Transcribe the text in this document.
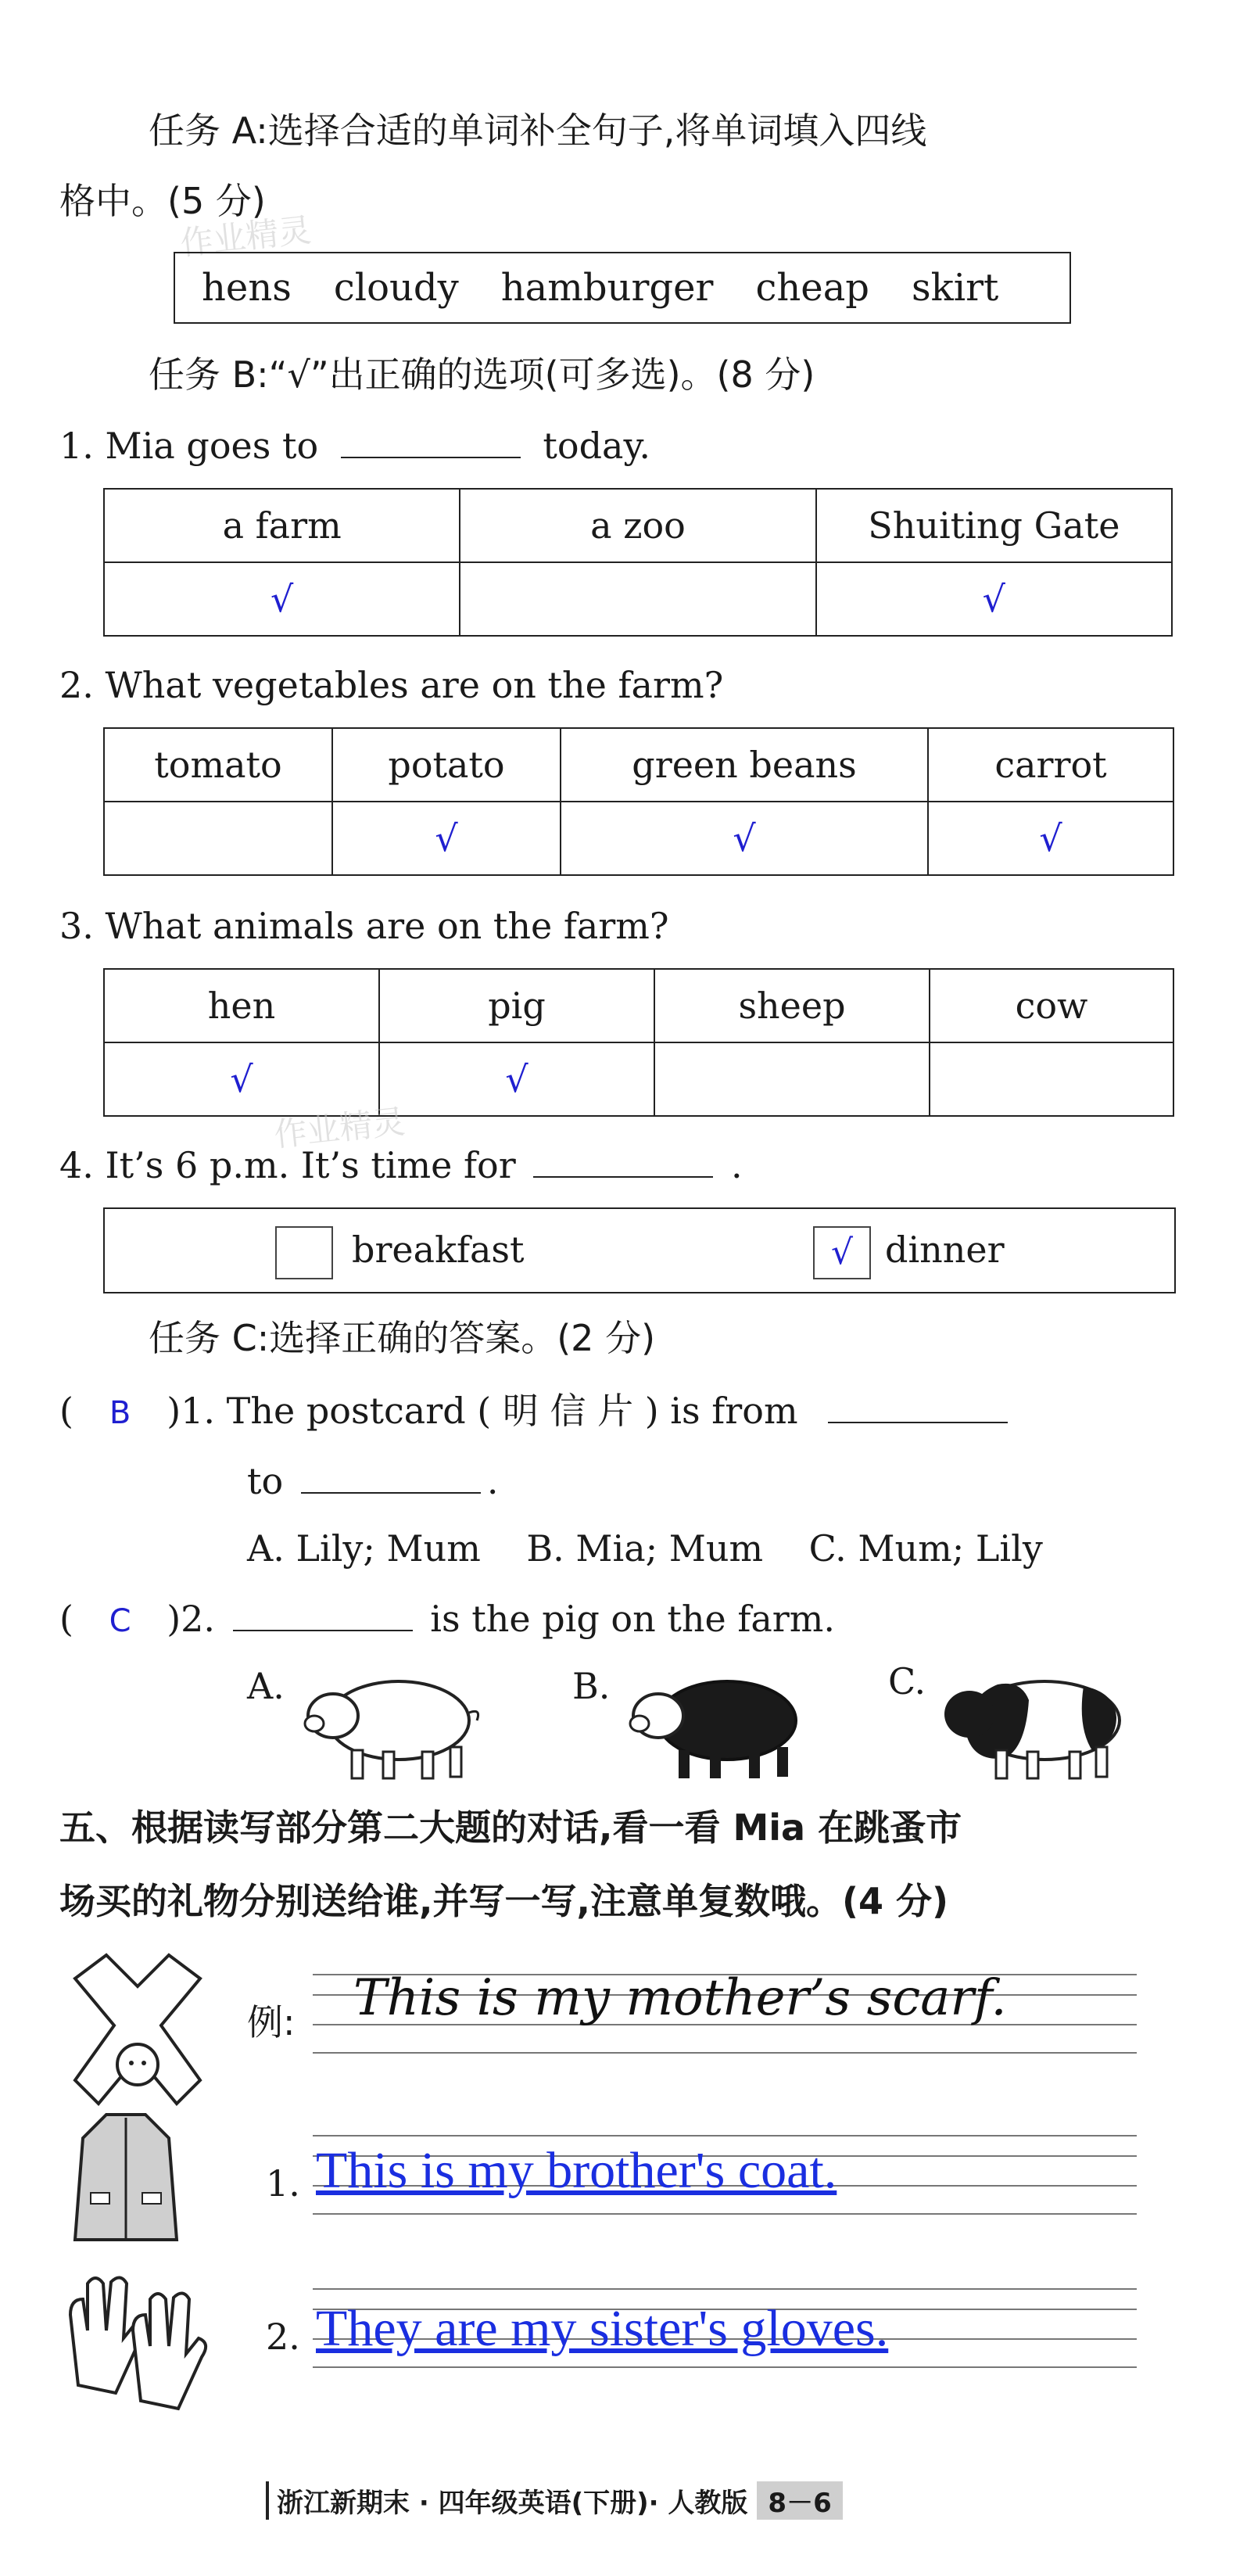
任务 A:选择合适的单词补全句子,将单词填入四线
格中。(5 分)
作业精灵
hens cloudy hamburger cheap skirt
任务 B:“√”出正确的选项(可多选)。(8 分)
1. Mia goes to	today.
a farm	a zoo	Shuiting Gate
√		√
2. What vegetables are on the farm?
tomato	potato	green beans	carrot
	√	√	√
3. What animals are on the farm?
hen	pig	sheep	cow
√	√		
作业精灵
4. It’s 6 p.m. It’s time for	.
breakfast	√ dinner
任务 C:选择正确的答案。(2 分)
( B )1. The postcard ( 明 信 片 ) is from
to	.
A. Lily; Mum    B. Mia; Mum    C. Mum; Lily
( C )2.	is the pig on the farm.
A.	B.	C.
五、根据读写部分第二大题的对话,看一看 Mia 在跳蚤市
场买的礼物分别送给谁,并写一写,注意单复数哦。(4 分)
例: This is my mother’s scarf.
1. This is my brother's coat.
2. They are my sister's gloves.
浙江新期末 · 四年级英语(下册)· 人教版 8－6
